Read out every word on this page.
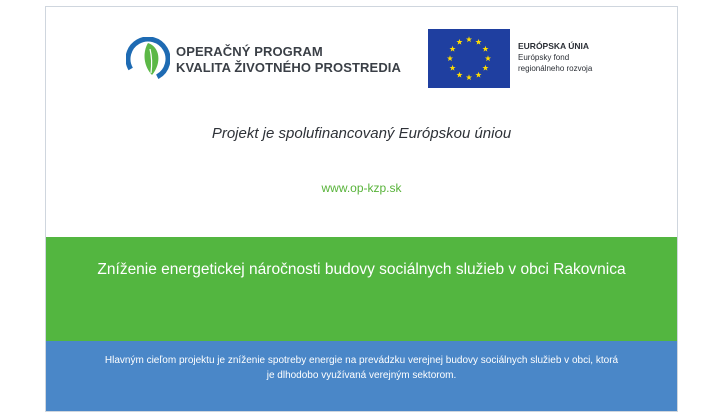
OPERAČNÝ PROGRAM
KVALITA ŽIVOTNÉHO PROSTREDIA
EURÓPSKA ÚNIA
Európsky fond
regionálneho rozvoja
Projekt je spolufinancovaný Európskou úniou
www.op-kzp.sk
Zníženie energetickej náročnosti budovy sociálnych služieb v obci Rakovnica
Hlavným cieľom projektu je zníženie spotreby energie na prevádzku verejnej budovy sociálnych služieb v obci, ktorá
je dlhodobo využívaná verejným sektorom.
